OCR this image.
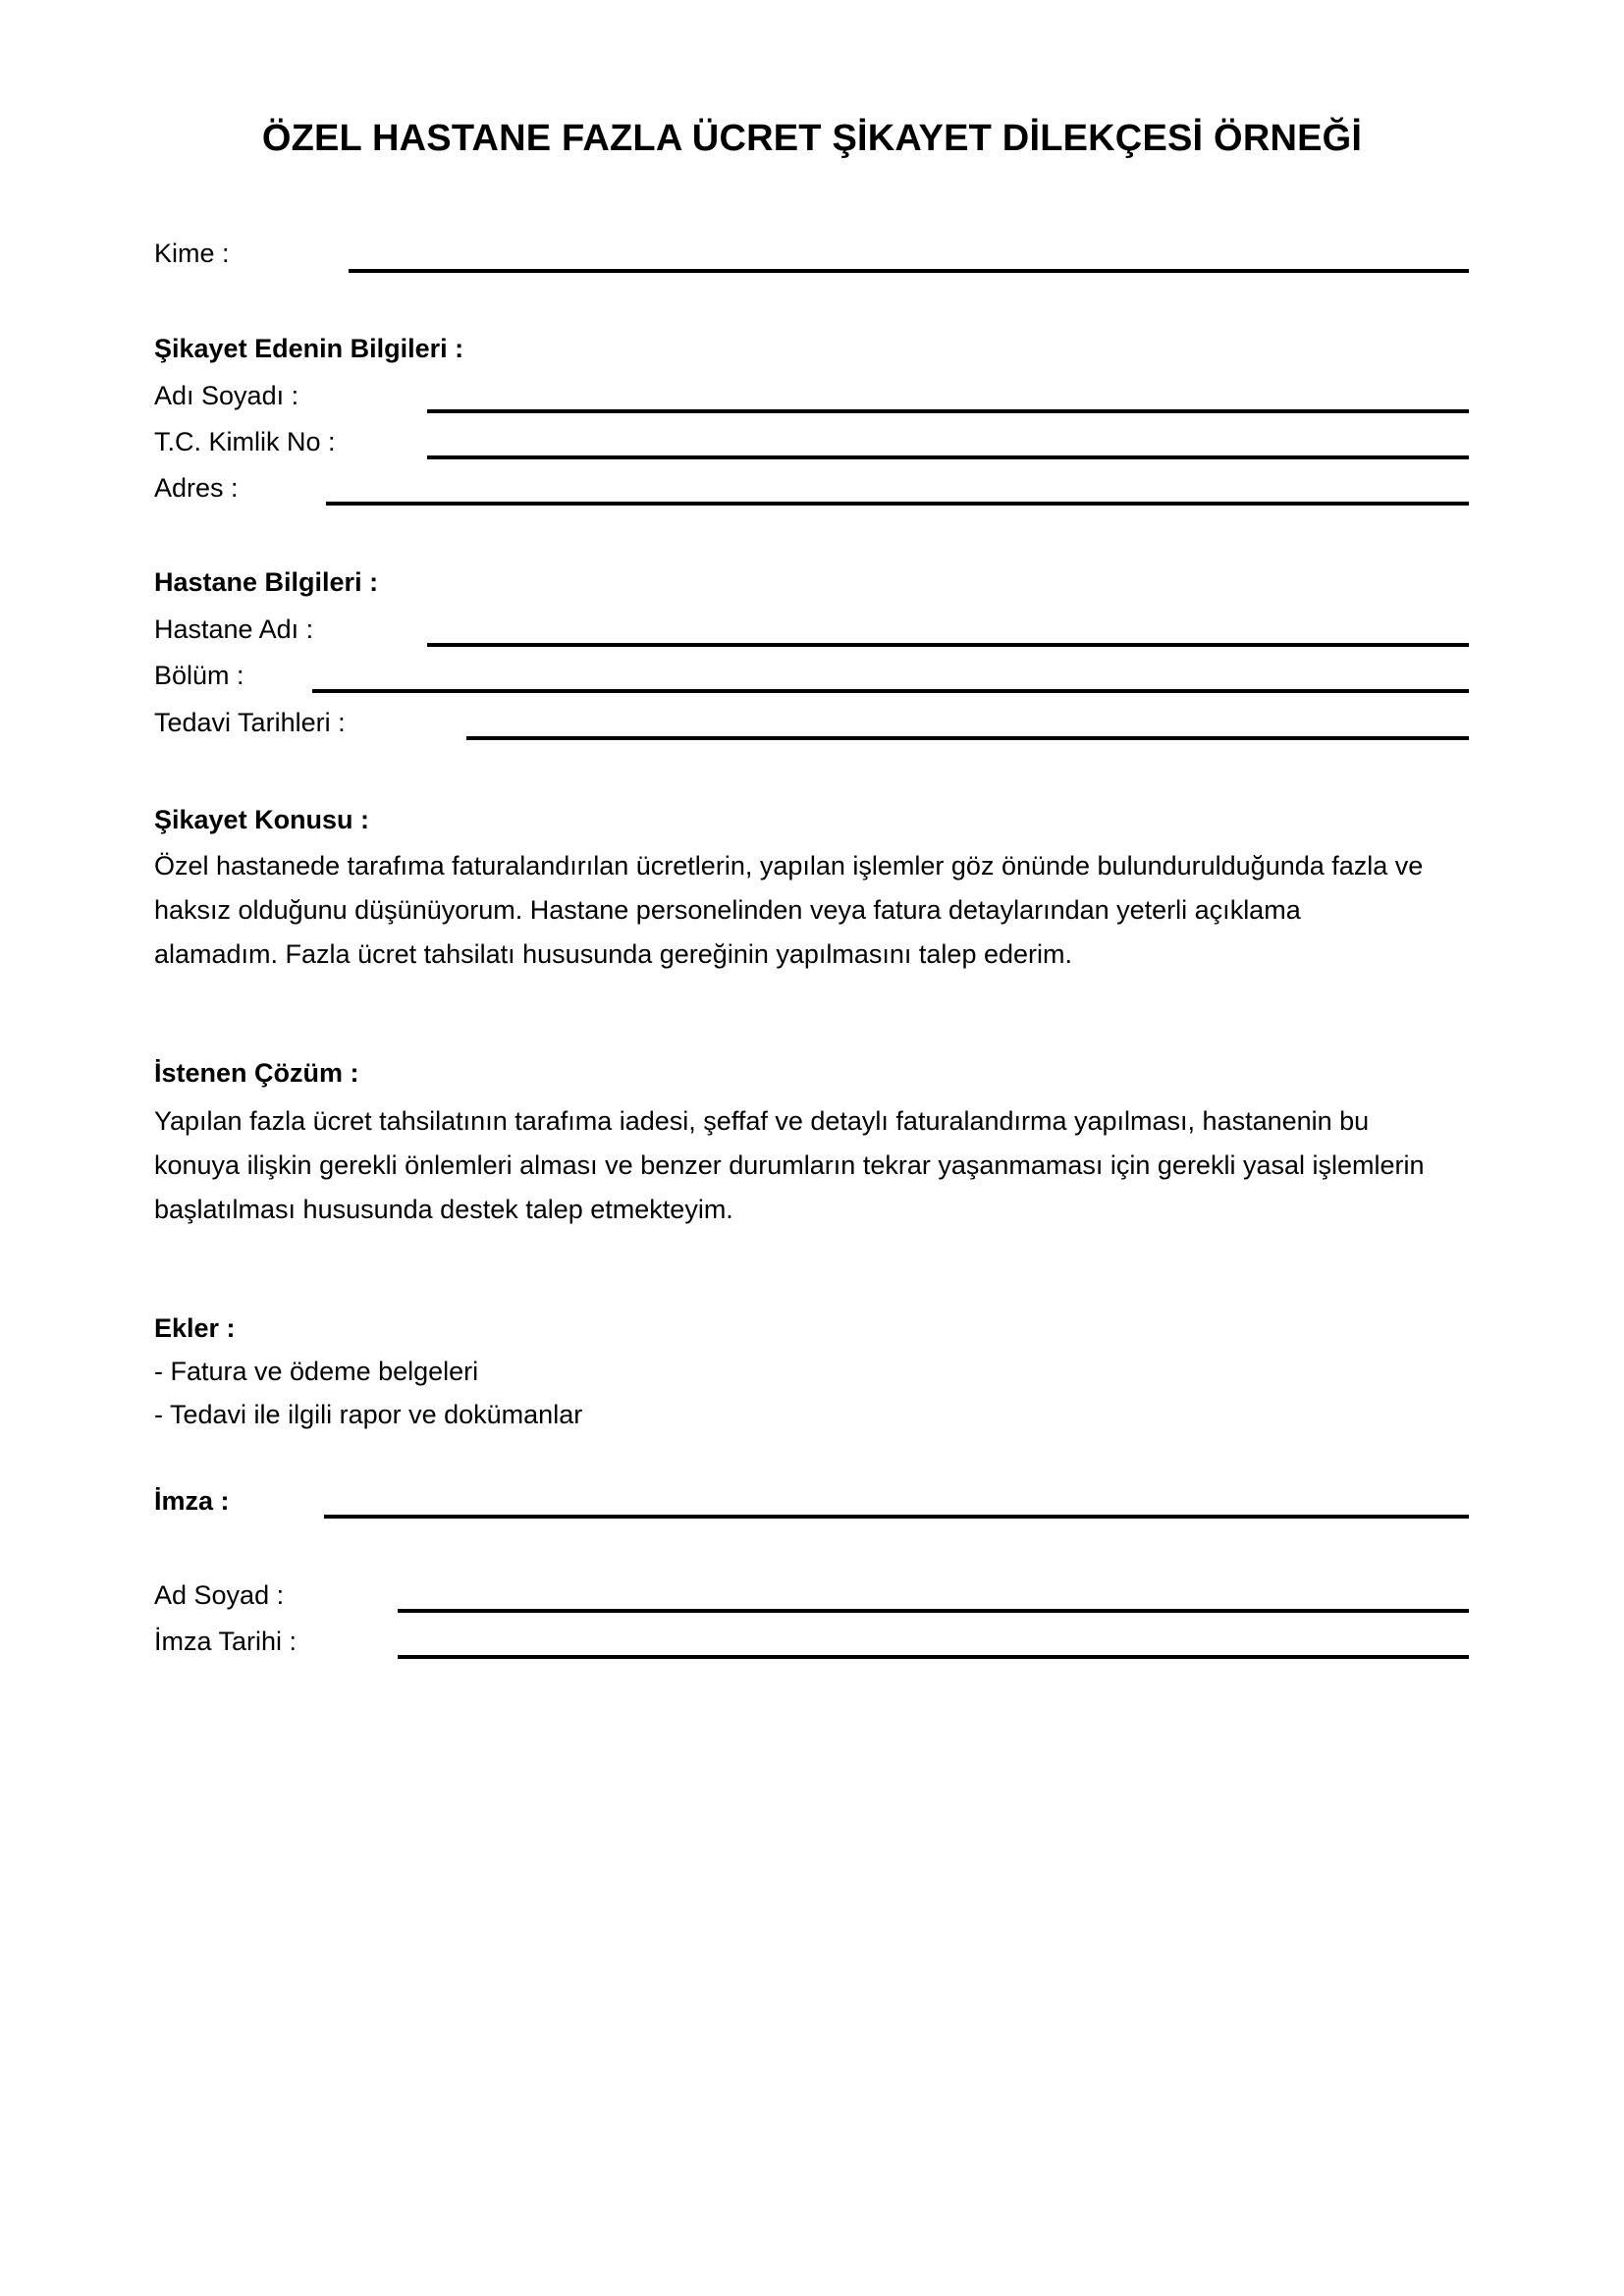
ÖZEL HASTANE FAZLA ÜCRET ŞİKAYET DİLEKÇESİ ÖRNEĞİ
Kime :
Şikayet Edenin Bilgileri :
Adı Soyadı :
T.C. Kimlik No :
Adres :
Hastane Bilgileri :
Hastane Adı :
Bölüm :
Tedavi Tarihleri :
Şikayet Konusu :
Özel hastanede tarafıma faturalandırılan ücretlerin, yapılan işlemler göz önünde bulundurulduğunda fazla ve
haksız olduğunu düşünüyorum. Hastane personelinden veya fatura detaylarından yeterli açıklama
alamadım. Fazla ücret tahsilatı hususunda gereğinin yapılmasını talep ederim.
İstenen Çözüm :
Yapılan fazla ücret tahsilatının tarafıma iadesi, şeffaf ve detaylı faturalandırma yapılması, hastanenin bu
konuya ilişkin gerekli önlemleri alması ve benzer durumların tekrar yaşanmaması için gerekli yasal işlemlerin
başlatılması hususunda destek talep etmekteyim.
Ekler :
- Fatura ve ödeme belgeleri
- Tedavi ile ilgili rapor ve dokümanlar
İmza :
Ad Soyad :
İmza Tarihi :
